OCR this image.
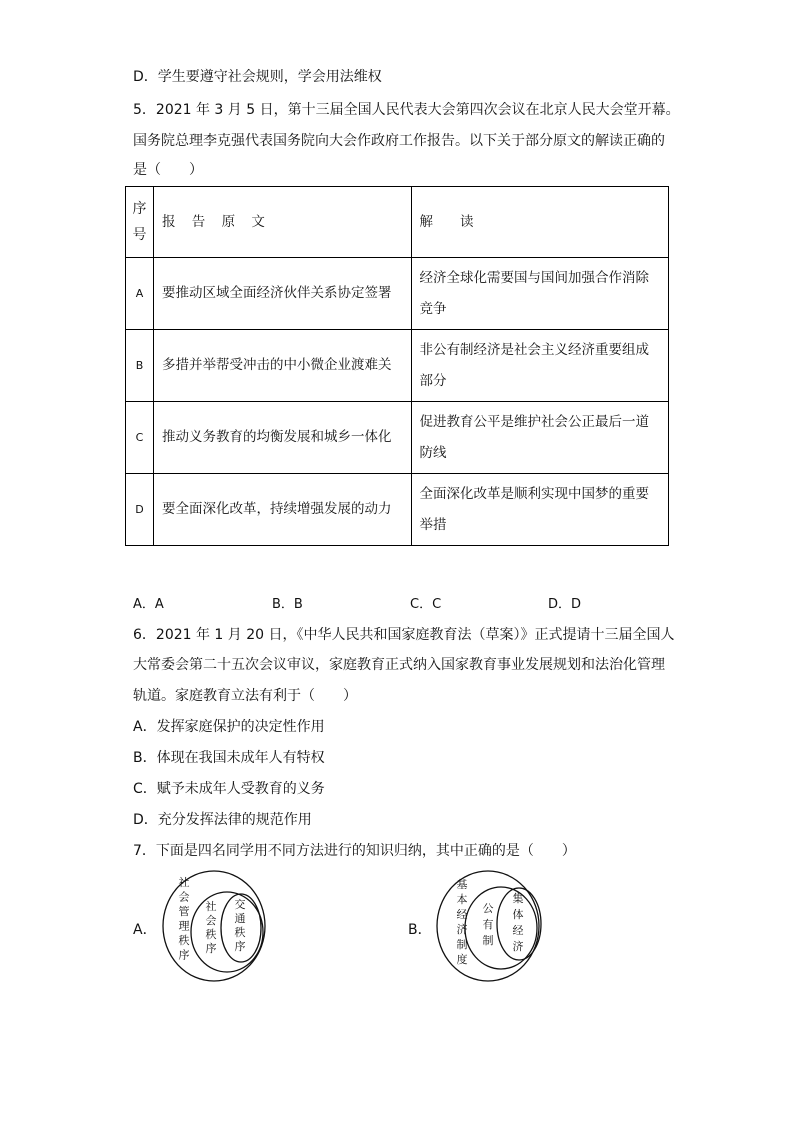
D．学生要遵守社会规则，学会用法维权
5．2021 年 3 月 5 日，第十三届全国人民代表大会第四次会议在北京人民大会堂开幕。
国务院总理李克强代表国务院向大会作政府工作报告。以下关于部分原文的解读正确的
是（　　）
序
号	报 告 原 文	解　　读
A	要推动区域全面经济伙伴关系协定签署	经济全球化需要国与国间加强合作消除竞争
B	多措并举帮受冲击的中小微企业渡难关	非公有制经济是社会主义经济重要组成部分
C	推动义务教育的均衡发展和城乡一体化	促进教育公平是维护社会公正最后一道防线
D	要全面深化改革，持续增强发展的动力	全面深化改革是顺利实现中国梦的重要举措
A．A	B．B	C．C	D．D
6．2021 年 1 月 20 日，《中华人民共和国家庭教育法（草案）》正式提请十三届全国人
大常委会第二十五次会议审议，家庭教育正式纳入国家教育事业发展规划和法治化管理
轨道。家庭教育立法有利于（　　）
A．发挥家庭保护的决定性作用
B．体现在我国未成年人有特权
C．赋予未成年人受教育的义务
D．充分发挥法律的规范作用
7．下面是四名同学用不同方法进行的知识归纳，其中正确的是（　　）
A．
社会管理秩序
社会秩序
交通秩序
B．
基本经济制度
公有制
集体经济
